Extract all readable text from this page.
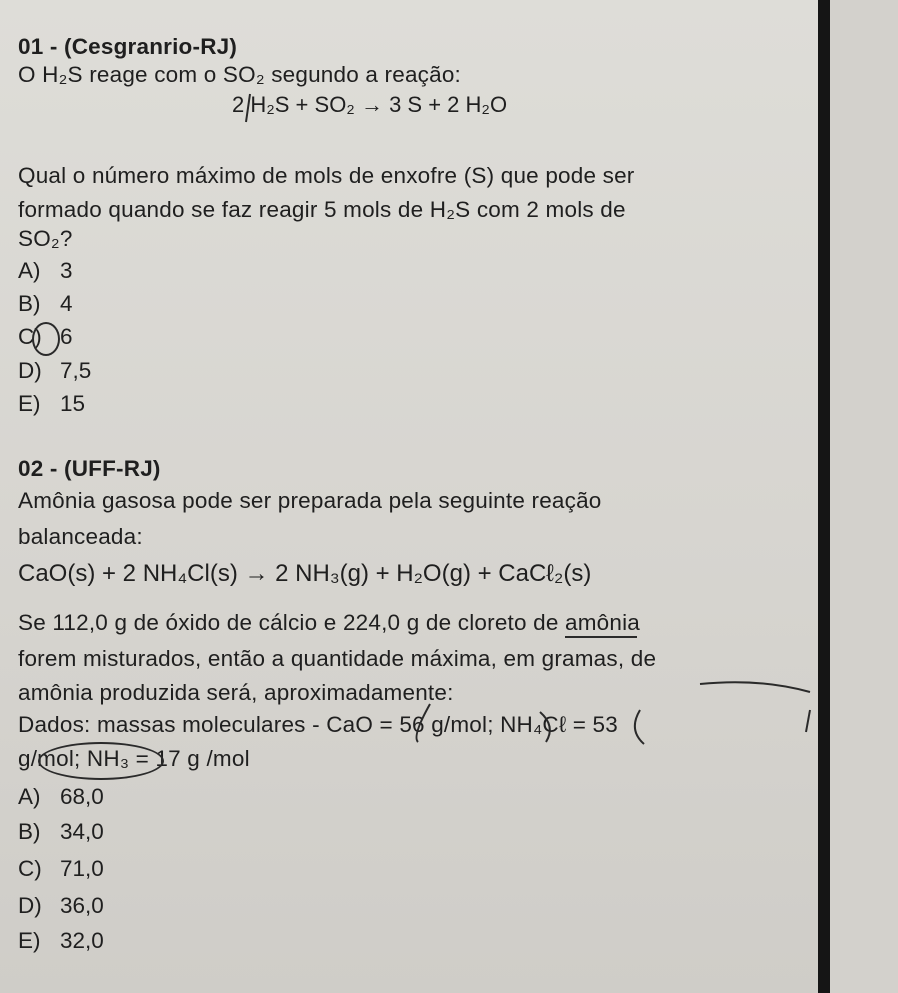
01 - (Cesgranrio-RJ)
O H₂S reage com o SO₂ segundo a reação:
2 H₂S + SO₂ → 3 S + 2 H₂O
Qual o número máximo de mols de enxofre (S) que pode ser
formado quando se faz reagir 5 mols de H₂S com 2 mols de
SO₂?
A) 3
B) 4
C) 6
D) 7,5
E) 15
02 - (UFF-RJ)
Amônia gasosa pode ser preparada pela seguinte reação
balanceada:
CaO(s) + 2 NH₄Cl(s) → 2 NH₃(g) + H₂O(g) + CaCℓ₂(s)
Se 112,0 g de óxido de cálcio e 224,0 g de cloreto de amônia
forem misturados, então a quantidade máxima, em gramas, de
amônia produzida será, aproximadamente:
Dados: massas moleculares - CaO = 56 g/mol; NH₄Cℓ = 53
g/mol; NH₃ = 17 g /mol
A) 68,0
B) 34,0
C) 71,0
D) 36,0
E) 32,0
